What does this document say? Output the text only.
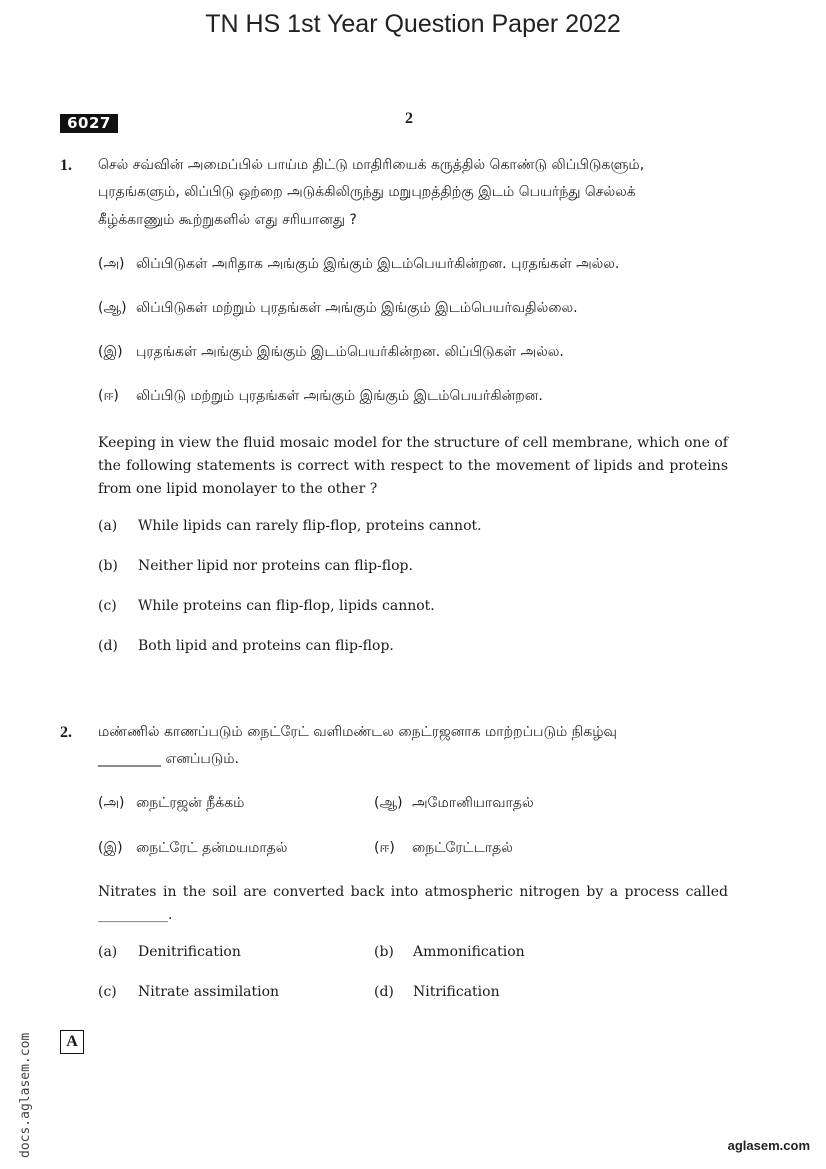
TN HS 1st Year Question Paper 2022
6027	2
1. செல் சவ்வின் அமைப்பில் பாய்ம திட்டு மாதிரியைக் கருத்தில் கொண்டு லிப்பிடுகளும்,
புரதங்களும், லிப்பிடு ஒற்றை அடுக்கிலிருந்து மறுபுறத்திற்கு இடம் பெயர்ந்து செல்லக்
கீழ்க்காணும் கூற்றுகளில் எது சரியானது ?
(அ) லிப்பிடுகள் அரிதாக அங்கும் இங்கும் இடம்பெயர்கின்றன. புரதங்கள் அல்ல.
(ஆ) லிப்பிடுகள் மற்றும் புரதங்கள் அங்கும் இங்கும் இடம்பெயர்வதில்லை.
(இ) புரதங்கள் அங்கும் இங்கும் இடம்பெயர்கின்றன. லிப்பிடுகள் அல்ல.
(ஈ) லிப்பிடு மற்றும் புரதங்கள் அங்கும் இங்கும் இடம்பெயர்கின்றன.
Keeping in view the fluid mosaic model for the structure of cell membrane, which one of the following statements is correct with respect to the movement of lipids and proteins from one lipid monolayer to the other ?
(a) While lipids can rarely flip-flop, proteins cannot.
(b) Neither lipid nor proteins can flip-flop.
(c) While proteins can flip-flop, lipids cannot.
(d) Both lipid and proteins can flip-flop.
2. மண்ணில் காணப்படும் நைட்ரேட் வளிமண்டல நைட்ரஜனாக மாற்றப்படும் நிகழ்வு
_________ எனப்படும்.
(அ) நைட்ரஜன் நீக்கம்	(ஆ) அமோனியாவாதல்
(இ) நைட்ரேட் தன்மயமாதல்	(ஈ) நைட்ரேட்டாதல்
Nitrates in the soil are converted back into atmospheric nitrogen by a process called __________.
(a) Denitrification	(b) Ammonification
(c) Nitrate assimilation	(d) Nitrification
A
docs.aglasem.com	aglasem.com
